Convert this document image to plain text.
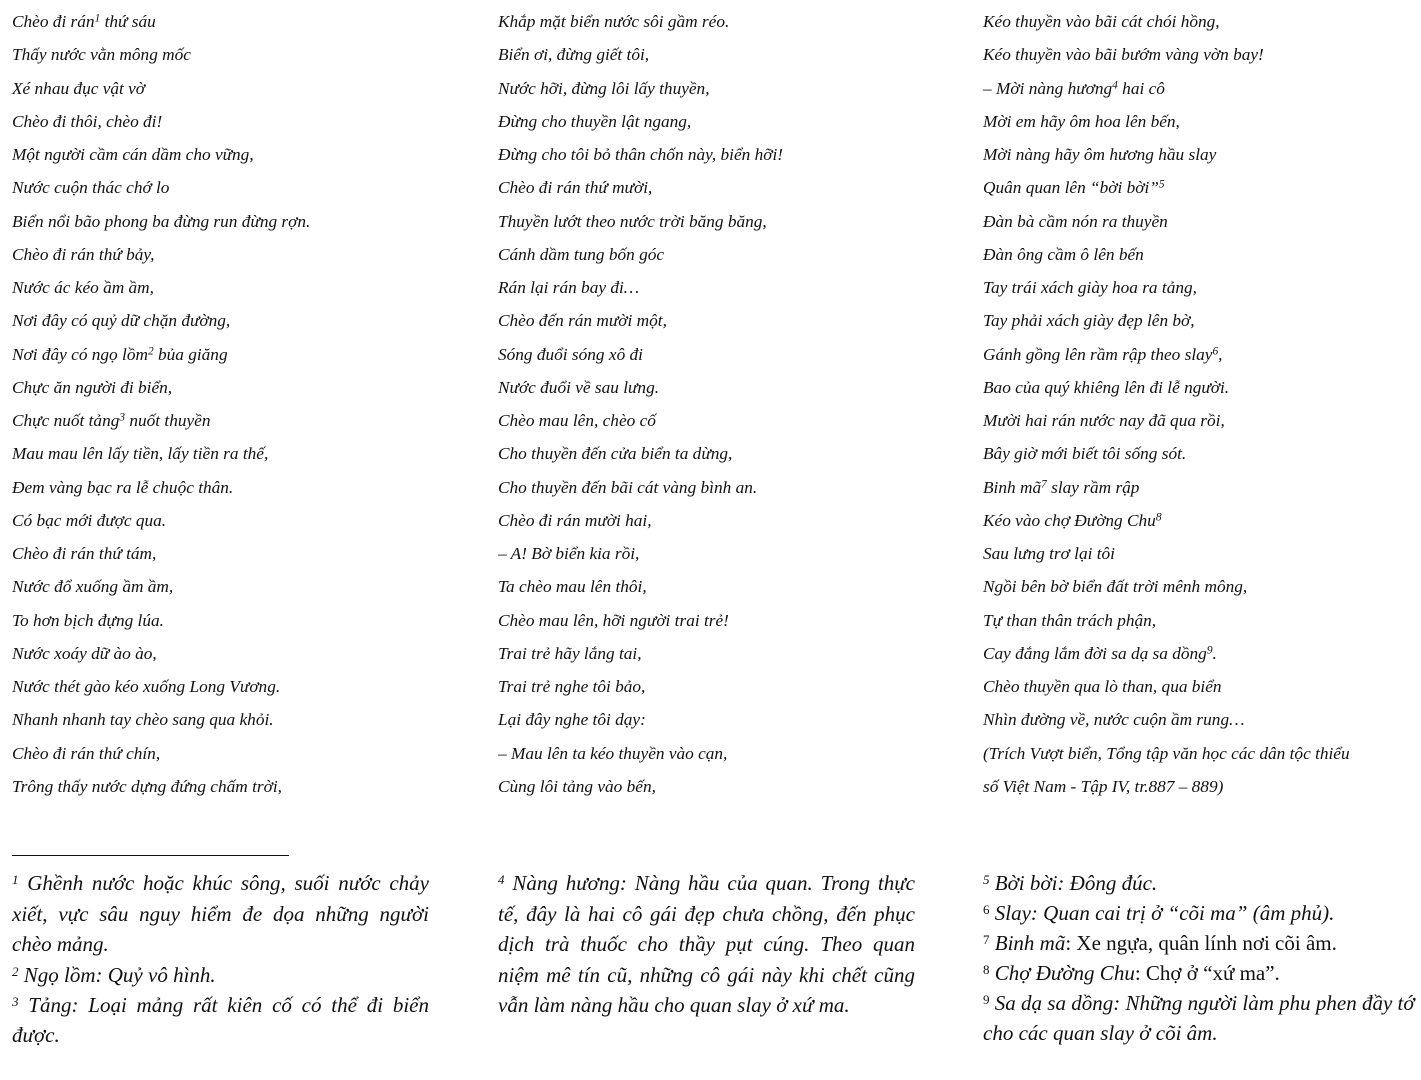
Chèo đi rán$^1$ thứ sáu
Thấy nước vằn mông mốc
Xé nhau đục vật vờ
Chèo đi thôi, chèo đi!
Một người cầm cán dầm cho vững,
Nước cuộn thác chớ lo
Biển nổi bão phong ba đừng run đừng rợn.
Chèo đi rán thứ bảy,
Nước ác kéo ầm ầm,
Nơi đây có quỷ dữ chặn đường,
Nơi đây có ngọ lồm$^2$ bủa giăng
Chực ăn người đi biển,
Chực nuốt tảng$^3$ nuốt thuyền
Mau mau lên lấy tiền, lấy tiền ra thế,
Đem vàng bạc ra lễ chuộc thân.
Có bạc mới được qua.
Chèo đi rán thứ tám,
Nước đổ xuống ầm ầm,
To hơn bịch đựng lúa.
Nước xoáy dữ ào ào,
Nước thét gào kéo xuống Long Vương.
Nhanh nhanh tay chèo sang qua khỏi.
Chèo đi rán thứ chín,
Trông thấy nước dựng đứng chấm trời,
Khắp mặt biển nước sôi gầm réo.
Biển ơi, đừng giết tôi,
Nước hỡi, đừng lôi lấy thuyền,
Đừng cho thuyền lật ngang,
Đừng cho tôi bỏ thân chốn này, biển hỡi!
Chèo đi rán thứ mười,
Thuyền lướt theo nước trời băng băng,
Cánh dầm tung bốn góc
Rán lại rán bay đi…
Chèo đến rán mười một,
Sóng đuổi sóng xô đi
Nước đuổi về sau lưng.
Chèo mau lên, chèo cố
Cho thuyền đến cửa biển ta dừng,
Cho thuyền đến bãi cát vàng bình an.
Chèo đi rán mười hai,
– A! Bờ biển kia rồi,
Ta chèo mau lên thôi,
Chèo mau lên, hỡi người trai trẻ!
Trai trẻ hãy lắng tai,
Trai trẻ nghe tôi bảo,
Lại đây nghe tôi dạy:
– Mau lên ta kéo thuyền vào cạn,
Cùng lôi tảng vào bến,
Kéo thuyền vào bãi cát chói hồng,
Kéo thuyền vào bãi bướm vàng vờn bay!
– Mời nàng hương$^4$ hai cô
Mời em hãy ôm hoa lên bến,
Mời nàng hãy ôm hương hầu slay
Quân quan lên “bời bời”$^5$
Đàn bà cầm nón ra thuyền
Đàn ông cầm ô lên bến
Tay trái xách giày hoa ra tảng,
Tay phải xách giày đẹp lên bờ,
Gánh gồng lên rầm rập theo slay$^6$,
Bao của quý khiêng lên đi lễ người.
Mười hai rán nước nay đã qua rồi,
Bây giờ mới biết tôi sống sót.
Binh $mã^7$ slay rầm rập
Kéo vào chợ Đường Chu$^8$
Sau lưng trơ lại tôi
Ngồi bên bờ biển đất trời mênh mông,
Tự than thân trách phận,
Cay đắng lắm đời sa dạ sa dồng$^9$.
Chèo thuyền qua lò than, qua biển
Nhìn đường về, nước cuộn ầm rung…
(Trích Vượt biển, Tổng tập văn học các dân tộc thiểu
số Việt Nam - Tập IV, tr.887 – 889)

$^1$ Ghềnh nước hoặc khúc sông, suối nước chảy xiết, vực sâu nguy hiểm đe dọa những người chèo mảng.

$^2$ Ngọ lồm: Quỷ vô hình.

$^3$ Tảng: Loại mảng rất kiên cố có thể đi biển được.

$^4$ Nàng hương: Nàng hầu của quan. Trong thực tế, đây là hai cô gái đẹp chưa chồng, đến phục dịch trà thuốc cho thầy pụt cúng. Theo quan niệm mê tín cũ, những cô gái này khi chết cũng vẫn làm nàng hầu cho quan slay ở xứ ma.

$^5$ Bời bời: Đông đúc.

$^6$ Slay: Quan cai trị ở “cõi ma” (âm phủ).

$^7$ Binh mã: Xe ngựa, quân lính nơi cõi âm.

$^8$ Chợ Đường Chu: Chợ ở “xứ ma”.

$^9$ Sa dạ sa dồng: Những người làm phu phen đầy tớ cho các quan slay ở cõi âm.
